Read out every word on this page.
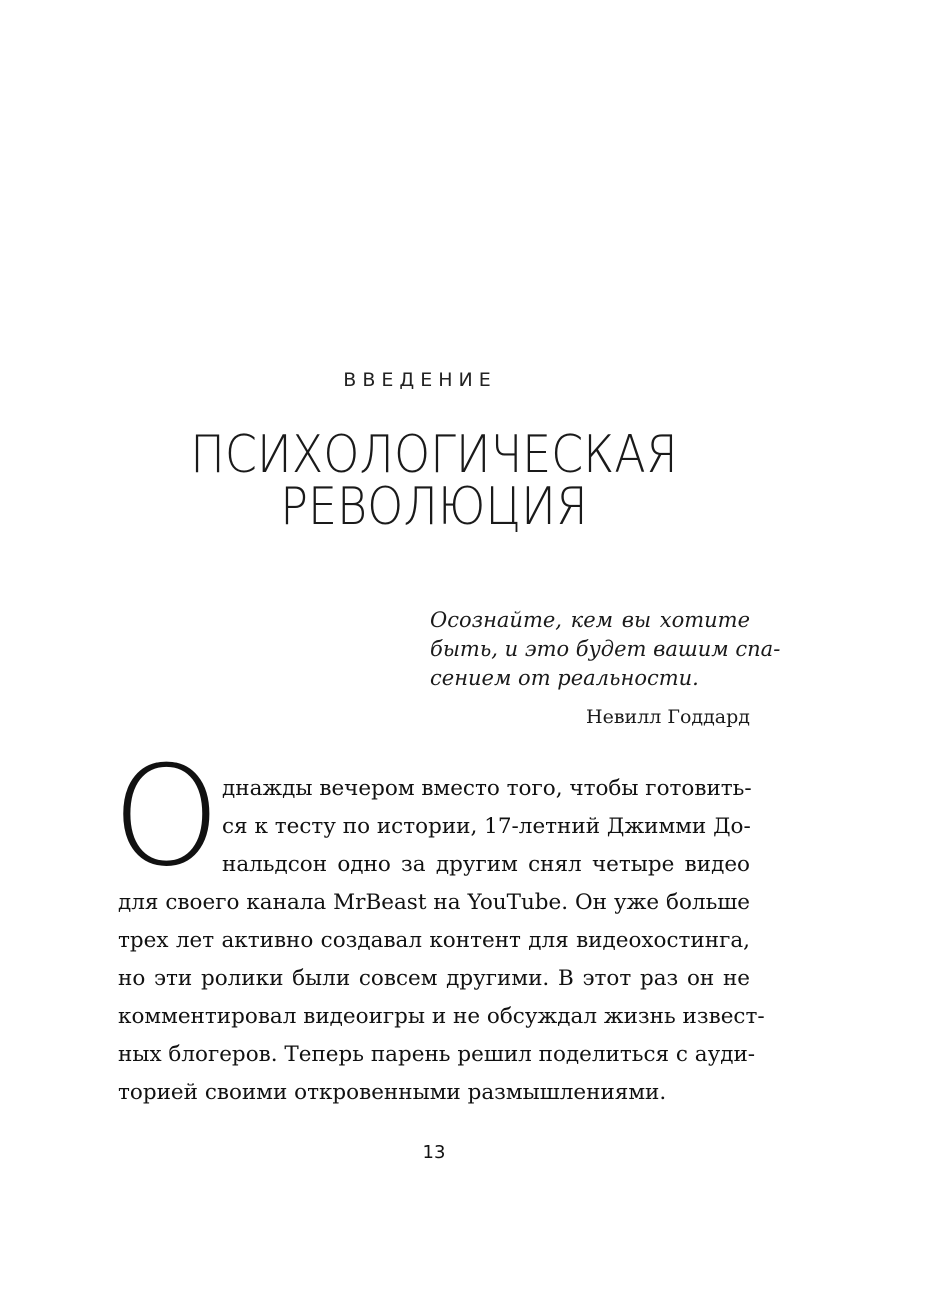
ВВЕДЕНИЕ
ПСИХОЛОГИЧЕСКАЯ
РЕВОЛЮЦИЯ
Осознайте, кем вы хотите
быть, и это будет вашим спа-
сением от реальности.
Невилл Годдард
О днажды вечером вместо того, чтобы готовить-
ся к тесту по истории, 17-летний Джимми До-
нальдсон одно за другим снял четыре видео
для своего канала MrBeast на YouTube. Он уже больше
трех лет активно создавал контент для видеохостинга,
но эти ролики были совсем другими. В этот раз он не
комментировал видеоигры и не обсуждал жизнь извест-
ных блогеров. Теперь парень решил поделиться с ауди-
торией своими откровенными размышлениями.
13
